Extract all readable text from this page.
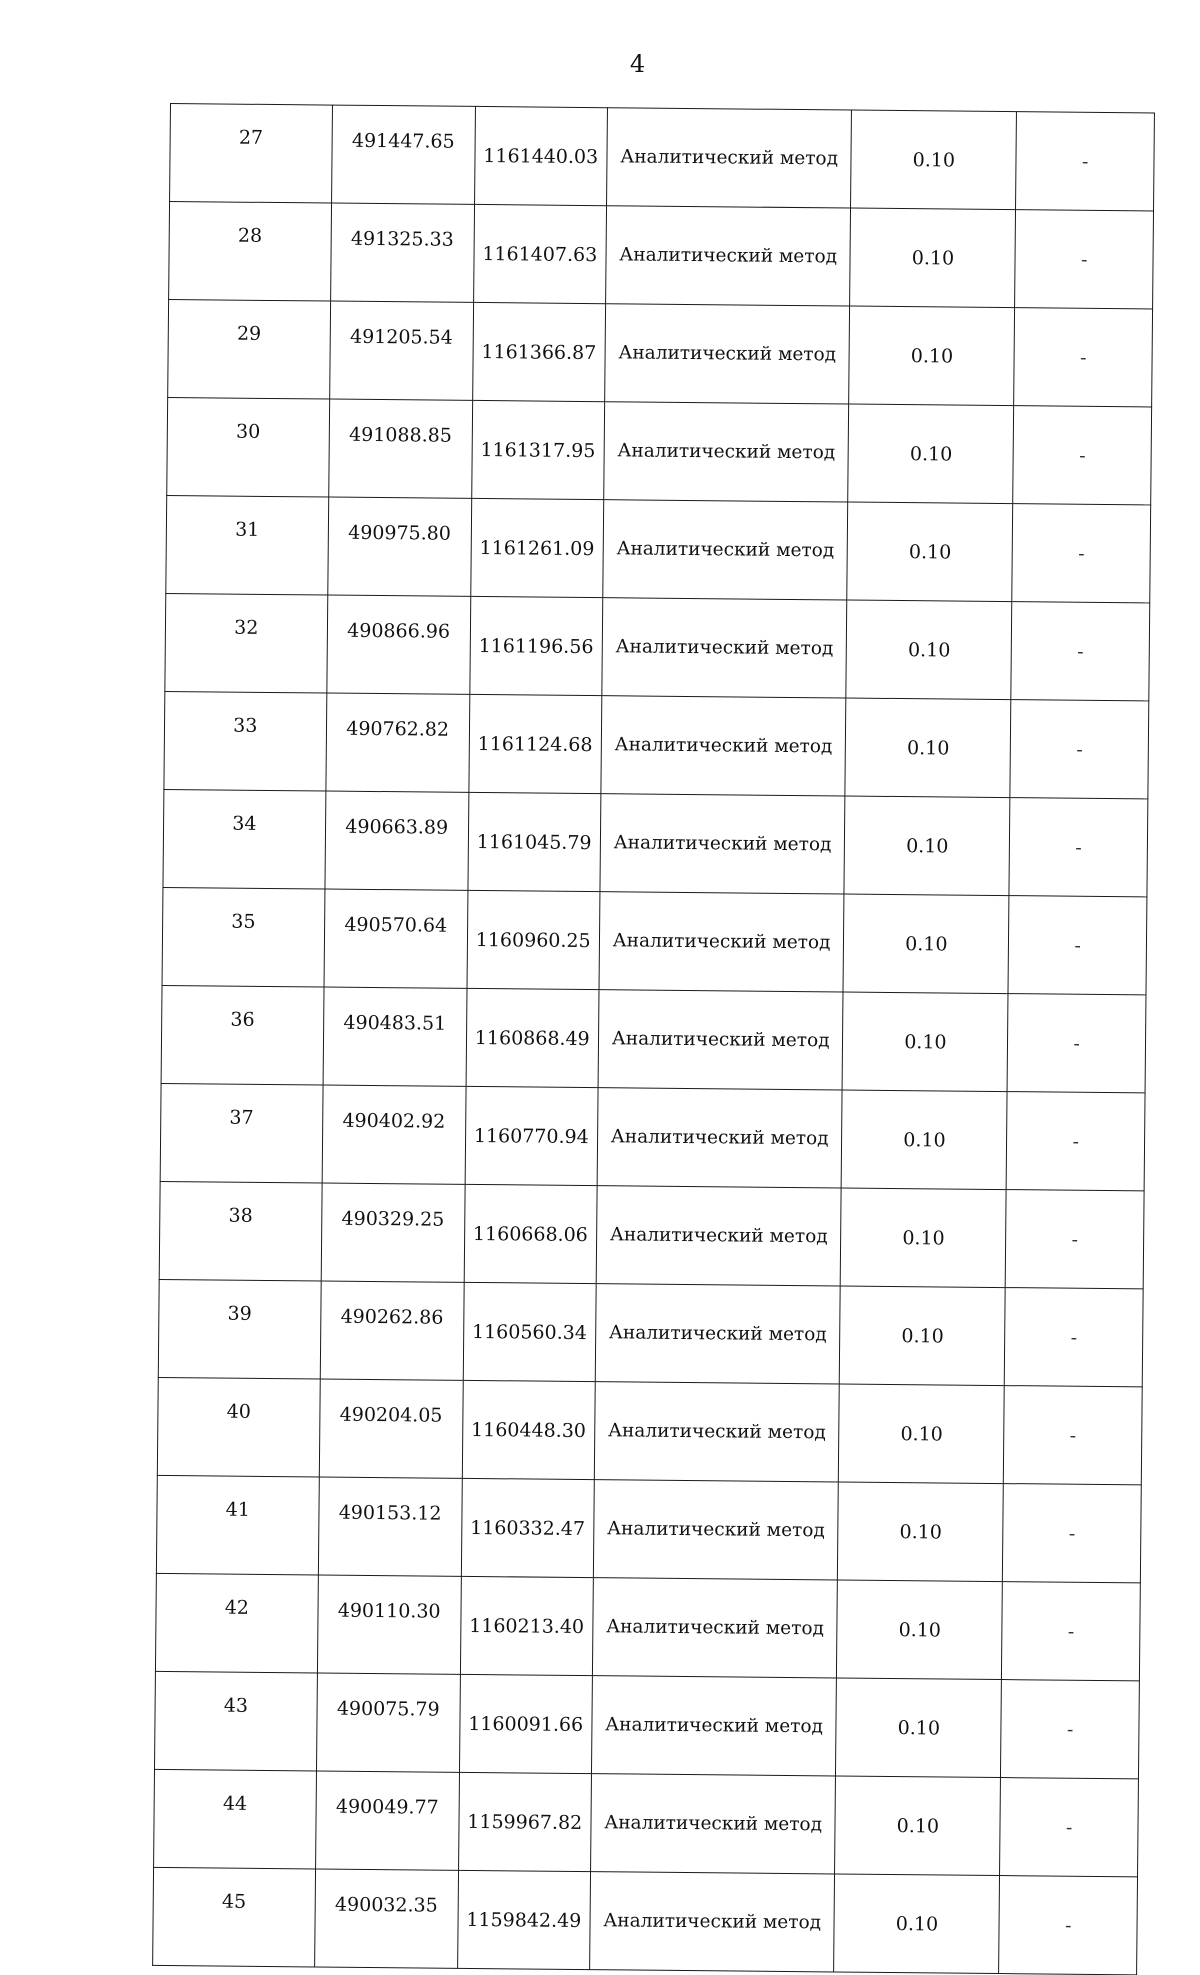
4
27	491447.65	1161440.03	Аналитический метод	0.10	-
28	491325.33	1161407.63	Аналитический метод	0.10	-
29	491205.54	1161366.87	Аналитический метод	0.10	-
30	491088.85	1161317.95	Аналитический метод	0.10	-
31	490975.80	1161261.09	Аналитический метод	0.10	-
32	490866.96	1161196.56	Аналитический метод	0.10	-
33	490762.82	1161124.68	Аналитический метод	0.10	-
34	490663.89	1161045.79	Аналитический метод	0.10	-
35	490570.64	1160960.25	Аналитический метод	0.10	-
36	490483.51	1160868.49	Аналитический метод	0.10	-
37	490402.92	1160770.94	Аналитический метод	0.10	-
38	490329.25	1160668.06	Аналитический метод	0.10	-
39	490262.86	1160560.34	Аналитический метод	0.10	-
40	490204.05	1160448.30	Аналитический метод	0.10	-
41	490153.12	1160332.47	Аналитический метод	0.10	-
42	490110.30	1160213.40	Аналитический метод	0.10	-
43	490075.79	1160091.66	Аналитический метод	0.10	-
44	490049.77	1159967.82	Аналитический метод	0.10	-
45	490032.35	1159842.49	Аналитический метод	0.10	-
